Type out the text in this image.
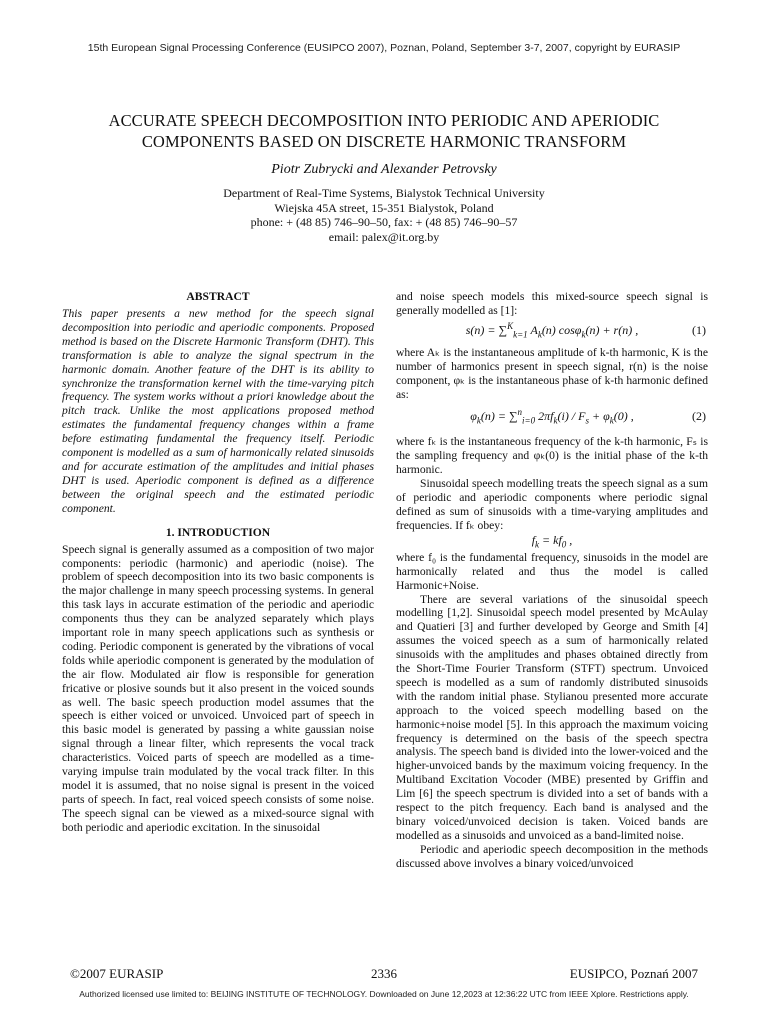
15th European Signal Processing Conference (EUSIPCO 2007), Poznan, Poland, September 3-7, 2007, copyright by EURASIP
ACCURATE SPEECH DECOMPOSITION INTO PERIODIC AND APERIODIC
COMPONENTS BASED ON DISCRETE HARMONIC TRANSFORM
Piotr Zubrycki and Alexander Petrovsky
Department of Real-Time Systems, Bialystok Technical University
Wiejska 45A street, 15-351 Bialystok, Poland
phone: + (48 85) 746–90–50, fax: + (48 85) 746–90–57
email: palex@it.org.by
ABSTRACT

This paper presents a new method for the speech signal decomposition into periodic and aperiodic components. Proposed method is based on the Discrete Harmonic Transform (DHT). This transformation is able to analyze the signal spectrum in the harmonic domain. Another feature of the DHT is its ability to synchronize the transformation kernel with the time-varying pitch frequency. The system works without a priori knowledge about the pitch track. Unlike the most applications proposed method estimates the fundamental frequency changes within a frame before estimating fundamental the frequency itself. Periodic component is modelled as a sum of harmonically related sinusoids and for accurate estimation of the amplitudes and initial phases DHT is used. Aperiodic component is defined as a difference between the original speech and the estimated periodic component.

1. INTRODUCTION

Speech signal is generally assumed as a composition of two major components: periodic (harmonic) and aperiodic (noise). The problem of speech decomposition into its two basic components is the major challenge in many speech processing systems. In general this task lays in accurate estimation of the periodic and aperiodic components thus they can be analyzed separately which plays important role in many speech applications such as synthesis or coding. Periodic component is generated by the vibrations of vocal folds while aperiodic component is generated by the modulation of the air flow. Modulated air flow is responsible for generation fricative or plosive sounds but it also present in the voiced sounds as well. The basic speech production model assumes that the speech is either voiced or unvoiced. Unvoiced part of speech in this basic model is generated by passing a white gaussian noise signal through a linear filter, which represents the vocal track characteristics. Voiced parts of speech are modelled as a time-varying impulse train modulated by the vocal track filter. In this model it is assumed, that no noise signal is present in the voiced parts of speech. In fact, real voiced speech consists of some noise. The speech signal can be viewed as a mixed-source signal with both periodic and aperiodic excitation. In the sinusoidal

and noise speech models this mixed-source speech signal is generally modelled as [1]:

s(n) = ∑$^K_{k=1}$ $A_k(n) \cos\varphi_k(n) + r(n)$ ,	(1)

where Aₖ is the instantaneous amplitude of k-th harmonic, K is the number of harmonics present in speech signal, r(n) is the noise component, φₖ is the instantaneous phase of k-th harmonic defined as:

$\varphi_k(n) = \sum^n_{i=0}$ $2\pi f_k(i) / F_s + \varphi_k(0)$ ,	(2)

where fₖ is the instantaneous frequency of the k-th harmonic, Fₛ is the sampling frequency and φₖ(0) is the initial phase of the k-th harmonic.

Sinusoidal speech modelling treats the speech signal as a sum of periodic and aperiodic components where periodic signal defined as sum of sinusoids with a time-varying amplitudes and frequencies. If fₖ obey:

$f_k = kf_0$ ,

where f₀ is the fundamental frequency, sinusoids in the model are harmonically related and thus the model is called Harmonic+Noise.

There are several variations of the sinusoidal speech modelling [1,2]. Sinusoidal speech model presented by McAulay and Quatieri [3] and further developed by George and Smith [4] assumes the voiced speech as a sum of harmonically related sinusoids with the amplitudes and phases obtained directly from the Short-Time Fourier Transform (STFT) spectrum. Unvoiced speech is modelled as a sum of randomly distributed sinusoids with the random initial phase. Stylianou presented more accurate approach to the voiced speech modelling based on the harmonic+noise model [5]. In this approach the maximum voicing frequency is determined on the basis of the speech spectra analysis. The speech band is divided into the lower-voiced and the higher-unvoiced bands by the maximum voicing frequency. In the Multiband Excitation Vocoder (MBE) presented by Griffin and Lim [6] the speech spectrum is divided into a set of bands with a respect to the pitch frequency. Each band is analysed and the binary voiced/unvoiced decision is taken. Voiced bands are modelled as a sinusoids and unvoiced as a band-limited noise.

Periodic and aperiodic speech decomposition in the methods discussed above involves a binary voiced/unvoiced

©2007 EURASIP	2336	EUSIPCO, Poznań 2007
Authorized licensed use limited to: BEIJING INSTITUTE OF TECHNOLOGY. Downloaded on June 12,2023 at 12:36:22 UTC from IEEE Xplore. Restrictions apply.
